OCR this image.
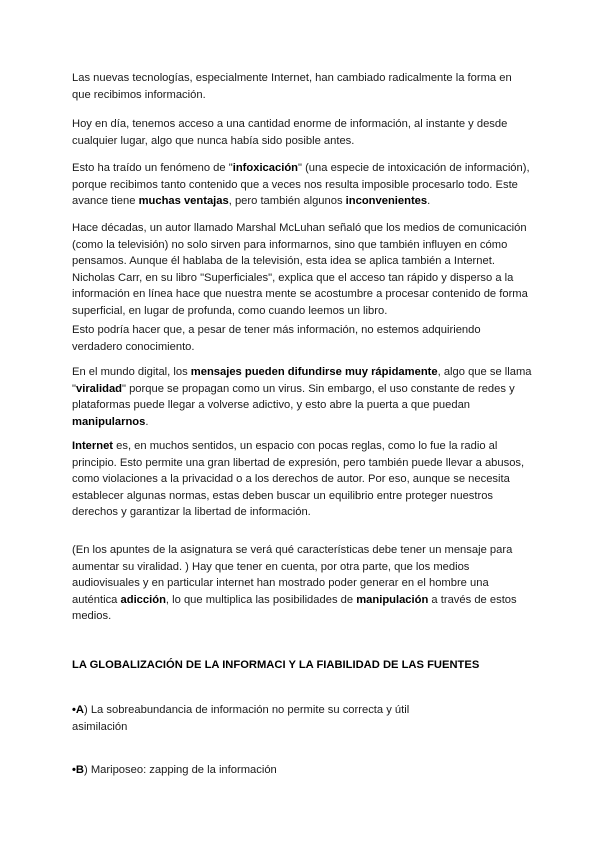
Las nuevas tecnologías, especialmente Internet, han cambiado radicalmente la forma en que recibimos información.

Hoy en día, tenemos acceso a una cantidad enorme de información, al instante y desde cualquier lugar, algo que nunca había sido posible antes.

Esto ha traído un fenómeno de "infoxicación" (una especie de intoxicación de información), porque recibimos tanto contenido que a veces nos resulta imposible procesarlo todo. Este avance tiene muchas ventajas, pero también algunos inconvenientes.

Hace décadas, un autor llamado Marshal McLuhan señaló que los medios de comunicación (como la televisión) no solo sirven para informarnos, sino que también influyen en cómo pensamos. Aunque él hablaba de la televisión, esta idea se aplica también a Internet. Nicholas Carr, en su libro "Superficiales", explica que el acceso tan rápido y disperso a la información en línea hace que nuestra mente se acostumbre a procesar contenido de forma superficial, en lugar de profunda, como cuando leemos un libro.

Esto podría hacer que, a pesar de tener más información, no estemos adquiriendo verdadero conocimiento.

En el mundo digital, los mensajes pueden difundirse muy rápidamente, algo que se llama "viralidad" porque se propagan como un virus. Sin embargo, el uso constante de redes y plataformas puede llegar a volverse adictivo, y esto abre la puerta a que puedan manipularnos.

Internet es, en muchos sentidos, un espacio con pocas reglas, como lo fue la radio al principio. Esto permite una gran libertad de expresión, pero también puede llevar a abusos, como violaciones a la privacidad o a los derechos de autor. Por eso, aunque se necesita establecer algunas normas, estas deben buscar un equilibrio entre proteger nuestros derechos y garantizar la libertad de información.

(En los apuntes de la asignatura se verá qué características debe tener un mensaje para aumentar su viralidad. ) Hay que tener en cuenta, por otra parte, que los medios audiovisuales y en particular internet han mostrado poder generar en el hombre una auténtica adicción, lo que multiplica las posibilidades de manipulación a través de estos medios.

LA GLOBALIZACIÓN DE LA INFORMACI Y LA FIABILIDAD DE LAS FUENTES

•A) La sobreabundancia de información no permite su correcta y útil asimilación

•B) Mariposeo: zapping de la información
